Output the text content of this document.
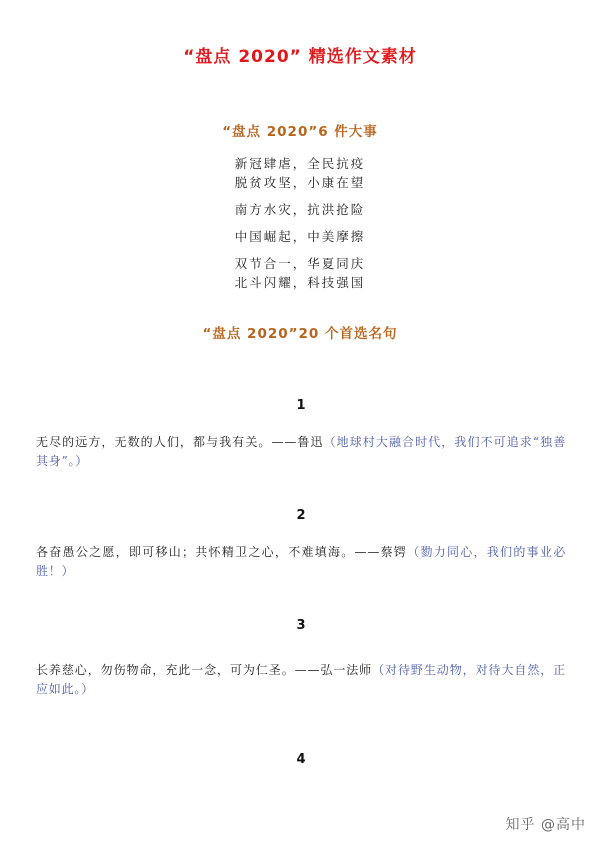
“盘点 2020” 精选作文素材
“盘点 2020”6 件大事
新冠肆虐，全民抗疫
脱贫攻坚，小康在望
南方水灾，抗洪抢险
中国崛起，中美摩擦
双节合一，华夏同庆
北斗闪耀，科技强国
“盘点 2020”20 个首选名句
1
无尽的远方，无数的人们，都与我有关。——鲁迅（地球村大融合时代，我们不可追求“独善其身”。）
2
各奋愚公之愿，即可移山；共怀精卫之心，不难填海。——蔡锷（勠力同心，我们的事业必胜！）
3
长养慈心，勿伤物命，充此一念，可为仁圣。——弘一法师（对待野生动物，对待大自然，正应如此。）
4
知乎 @高中
